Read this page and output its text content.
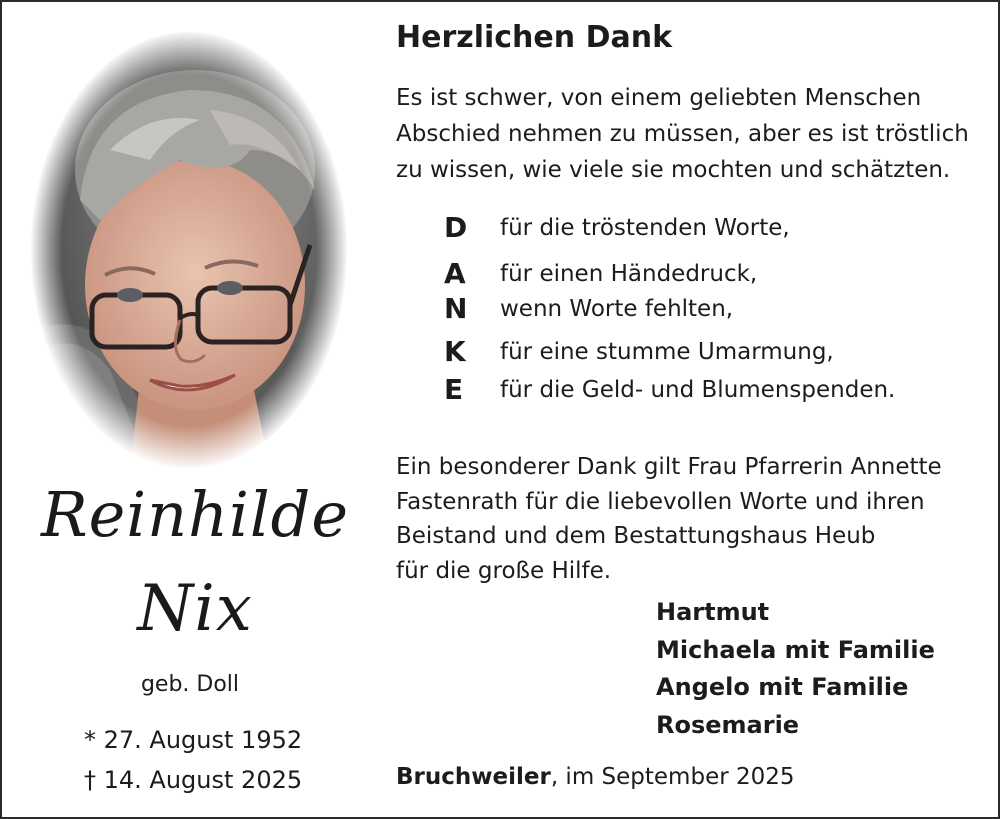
Reinhilde
Nix
geb. Doll
* 27. August 1952
† 14. August 2025
Herzlichen Dank
Es ist schwer, von einem geliebten Menschen
Abschied nehmen zu müssen, aber es ist tröstlich
zu wissen, wie viele sie mochten und schätzten.
D für die tröstenden Worte,
A	für einen Händedruck,
N wenn Worte fehlten,
K	für eine stumme Umarmung,
E	für die Geld- und Blumenspenden.
Ein besonderer Dank gilt Frau Pfarrerin Annette
Fastenrath für die liebevollen Worte und ihren
Beistand und dem Bestattungshaus Heub
für die große Hilfe.
Hartmut
Michaela mit Familie
Angelo mit Familie
Rosemarie
Bruchweiler, im September 2025
